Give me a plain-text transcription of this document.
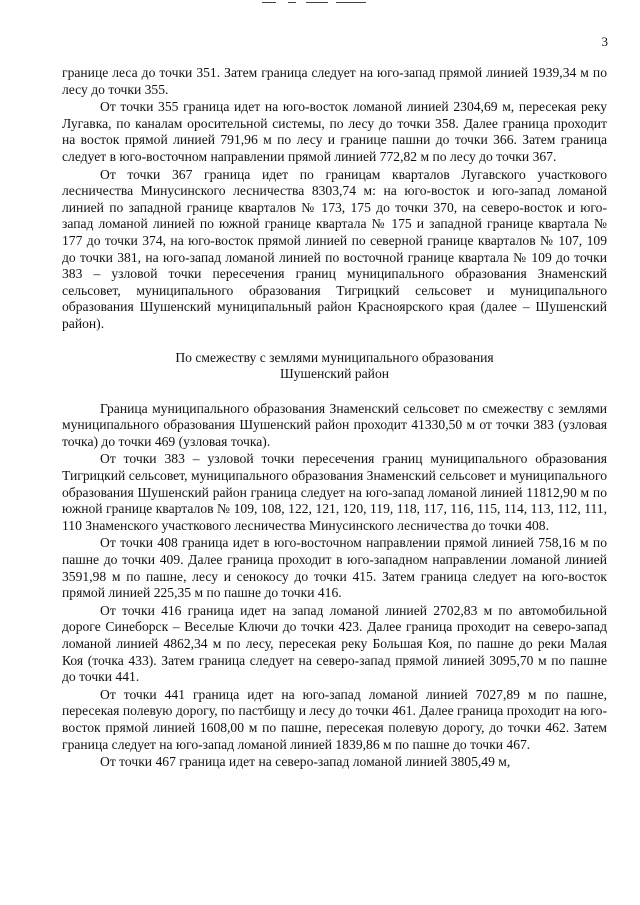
3

границе леса до точки 351. Затем граница следует на юго-запад прямой линией 1939,34 м по лесу до точки 355.

От точки 355 граница идет на юго-восток ломаной линией 2304,69 м, пересекая реку Лугавка, по каналам оросительной системы, по лесу до точки 358. Далее граница проходит на восток прямой линией 791,96 м по лесу и границе пашни до точки 366. Затем граница следует в юго-восточном направлении прямой линией 772,82 м по лесу до точки 367.

От точки 367 граница идет по границам кварталов Лугавского участкового лесничества Минусинского лесничества 8303,74 м: на юго-восток и юго-запад ломаной линией по западной границе кварталов № 173, 175 до точки 370, на северо-восток и юго-запад ломаной линией по южной границе квартала № 175 и западной границе квартала № 177 до точки 374, на юго-восток прямой линией по северной границе кварталов № 107, 109 до точки 381, на юго-запад ломаной линией по восточной границе квартала № 109 до точки 383 – узловой точки пересечения границ муниципального образования Знаменский сельсовет, муниципального образования Тигрицкий сельсовет и муниципального образования Шушенский муниципальный район Красноярского края (далее – Шушенский район).

По смежеству с землями муниципального образования
Шушенский район

Граница муниципального образования Знаменский сельсовет по смежеству с землями муниципального образования Шушенский район проходит 41330,50 м от точки 383 (узловая точка) до точки 469 (узловая точка).

От точки 383 – узловой точки пересечения границ муниципального образования Тигрицкий сельсовет, муниципального образования Знаменский сельсовет и муниципального образования Шушенский район граница следует на юго-запад ломаной линией 11812,90 м по южной границе кварталов № 109, 108, 122, 121, 120, 119, 118, 117, 116, 115, 114, 113, 112, 111, 110 Знаменского участкового лесничества Минусинского лесничества до точки 408.

От точки 408 граница идет в юго-восточном направлении прямой линией 758,16 м по пашне до точки 409. Далее граница проходит в юго-западном направлении ломаной линией 3591,98 м по пашне, лесу и сенокосу до точки 415. Затем граница следует на юго-восток прямой линией 225,35 м по пашне до точки 416.

От точки 416 граница идет на запад ломаной линией 2702,83 м по автомобильной дороге Синеборск – Веселые Ключи до точки 423. Далее граница проходит на северо-запад ломаной линией 4862,34 м по лесу, пересекая реку Большая Коя, по пашне до реки Малая Коя (точка 433). Затем граница следует на северо-запад прямой линией 3095,70 м по пашне до точки 441.

От точки 441 граница идет на юго-запад ломаной линией 7027,89 м по пашне, пересекая полевую дорогу, по пастбищу и лесу до точки 461. Далее граница проходит на юго-восток прямой линией 1608,00 м по пашне, пересекая полевую дорогу, до точки 462. Затем граница следует на юго-запад ломаной линией 1839,86 м по пашне до точки 467.

От точки 467 граница идет на северо-запад ломаной линией 3805,49 м,
